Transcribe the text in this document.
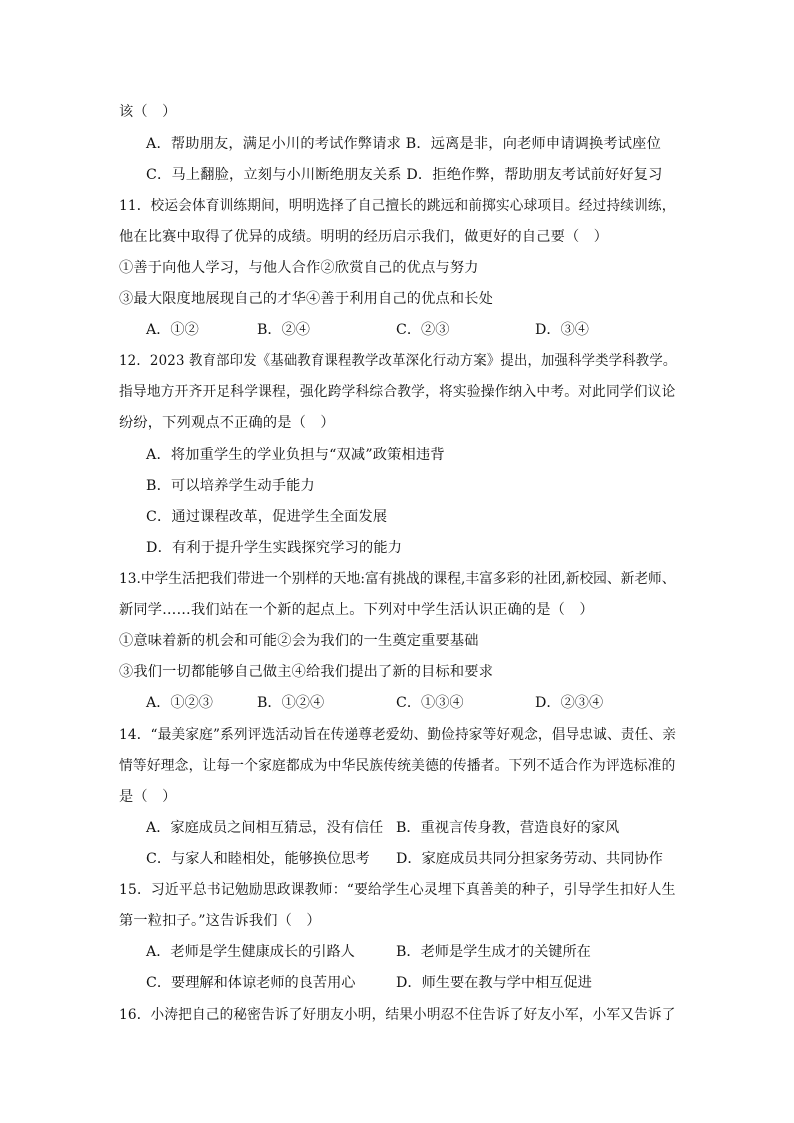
该（　）
A．帮助朋友，满足小川的考试作弊请求 B．远离是非，向老师申请调换考试座位
C．马上翻脸，立刻与小川断绝朋友关系 D．拒绝作弊，帮助朋友考试前好好复习
11．校运会体育训练期间，明明选择了自己擅长的跳远和前掷实心球项目。经过持续训练，
他在比赛中取得了优异的成绩。明明的经历启示我们，做更好的自己要（　）
①善于向他人学习，与他人合作②欣赏自己的优点与努力
③最大限度地展现自己的才华④善于利用自己的优点和长处
A．①②	B．②④	C．②③	D．③④
12．2023 教育部印发《基础教育课程教学改革深化行动方案》提出，加强科学类学科教学。
指导地方开齐开足科学课程，强化跨学科综合教学，将实验操作纳入中考。对此同学们议论
纷纷，下列观点不正确的是（　）
A．将加重学生的学业负担与“双减”政策相违背
B．可以培养学生动手能力
C．通过课程改革，促进学生全面发展
D．有利于提升学生实践探究学习的能力
13.中学生活把我们带进一个别样的天地:富有挑战的课程,丰富多彩的社团,新校园、新老师、
新同学……我们站在一个新的起点上。下列对中学生活认识正确的是（　）
①意味着新的机会和可能②会为我们的一生奠定重要基础
③我们一切都能够自己做主④给我们提出了新的目标和要求
A．①②③	B．①②④	C．①③④	D．②③④
14．“最美家庭”系列评选活动旨在传递尊老爱幼、勤俭持家等好观念，倡导忠诚、责任、亲
情等好理念，让每一个家庭都成为中华民族传统美德的传播者。下列不适合作为评选标准的
是（　）
A．家庭成员之间相互猜忌，没有信任 B．重视言传身教，营造良好的家风
C．与家人和睦相处，能够换位思考 D．家庭成员共同分担家务劳动、共同协作
15．习近平总书记勉励思政课教师：“要给学生心灵埋下真善美的种子，引导学生扣好人生
第一粒扣子。”这告诉我们（　）
A．老师是学生健康成长的引路人	B．老师是学生成才的关键所在
C．要理解和体谅老师的良苦用心	D．师生要在教与学中相互促进
16．小涛把自己的秘密告诉了好朋友小明，结果小明忍不住告诉了好友小军，小军又告诉了
